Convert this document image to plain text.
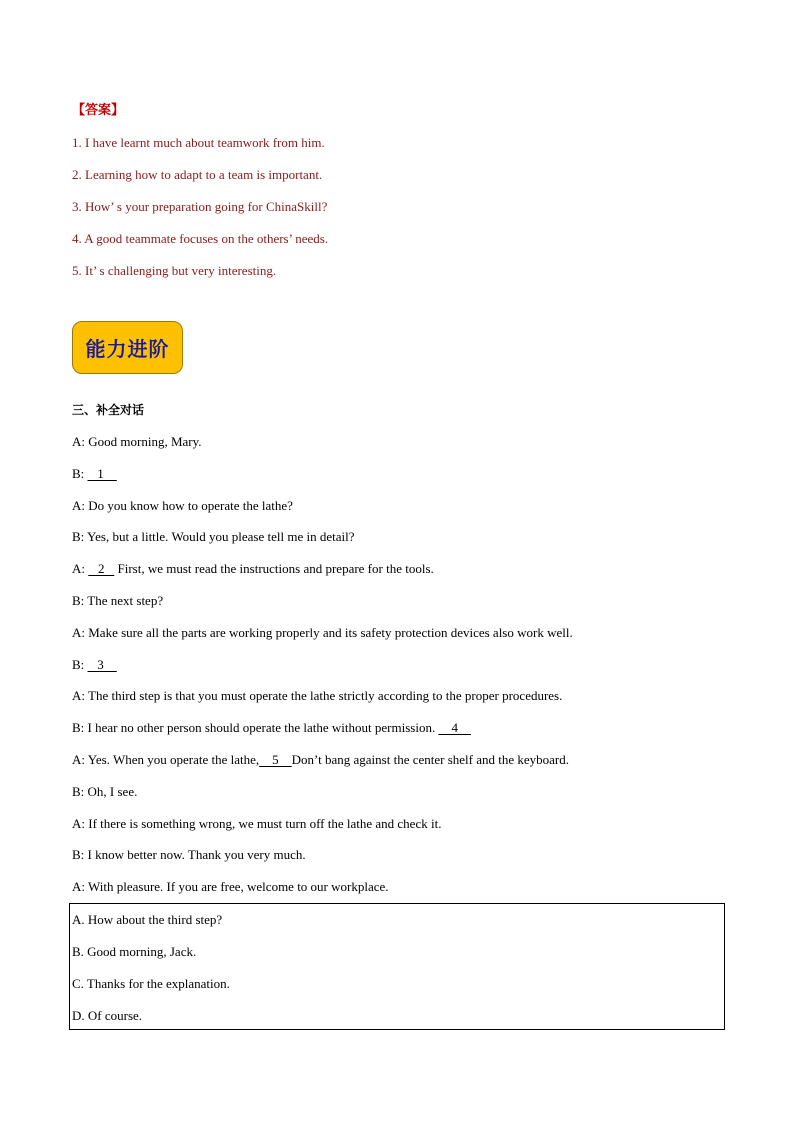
【答案】
1. I have learnt much about teamwork from him.
2. Learning how to adapt to a team is important.
3. How’ s your preparation going for ChinaSkill?
4. A good teammate focuses on the others’ needs.
5. It’ s challenging but very interesting.
能力进阶
三、补全对话
A: Good morning, Mary.
B:    1
A: Do you know how to operate the lathe?
B: Yes, but a little. Would you please tell me in detail?
A:    2    First, we must read the instructions and prepare for the tools.
B: The next step?
A: Make sure all the parts are working properly and its safety protection devices also work well.
B:    3
A: The third step is that you must operate the lathe strictly according to the proper procedures.
B: I hear no other person should operate the lathe without permission.     4
A: Yes. When you operate the lathe,    5    Don’t bang against the center shelf and the keyboard.
B: Oh, I see.
A: If there is something wrong, we must turn off the lathe and check it.
B: I know better now. Thank you very much.
A: With pleasure. If you are free, welcome to our workplace.
A. How about the third step?
B. Good morning, Jack.
C. Thanks for the explanation.
D. Of course.
